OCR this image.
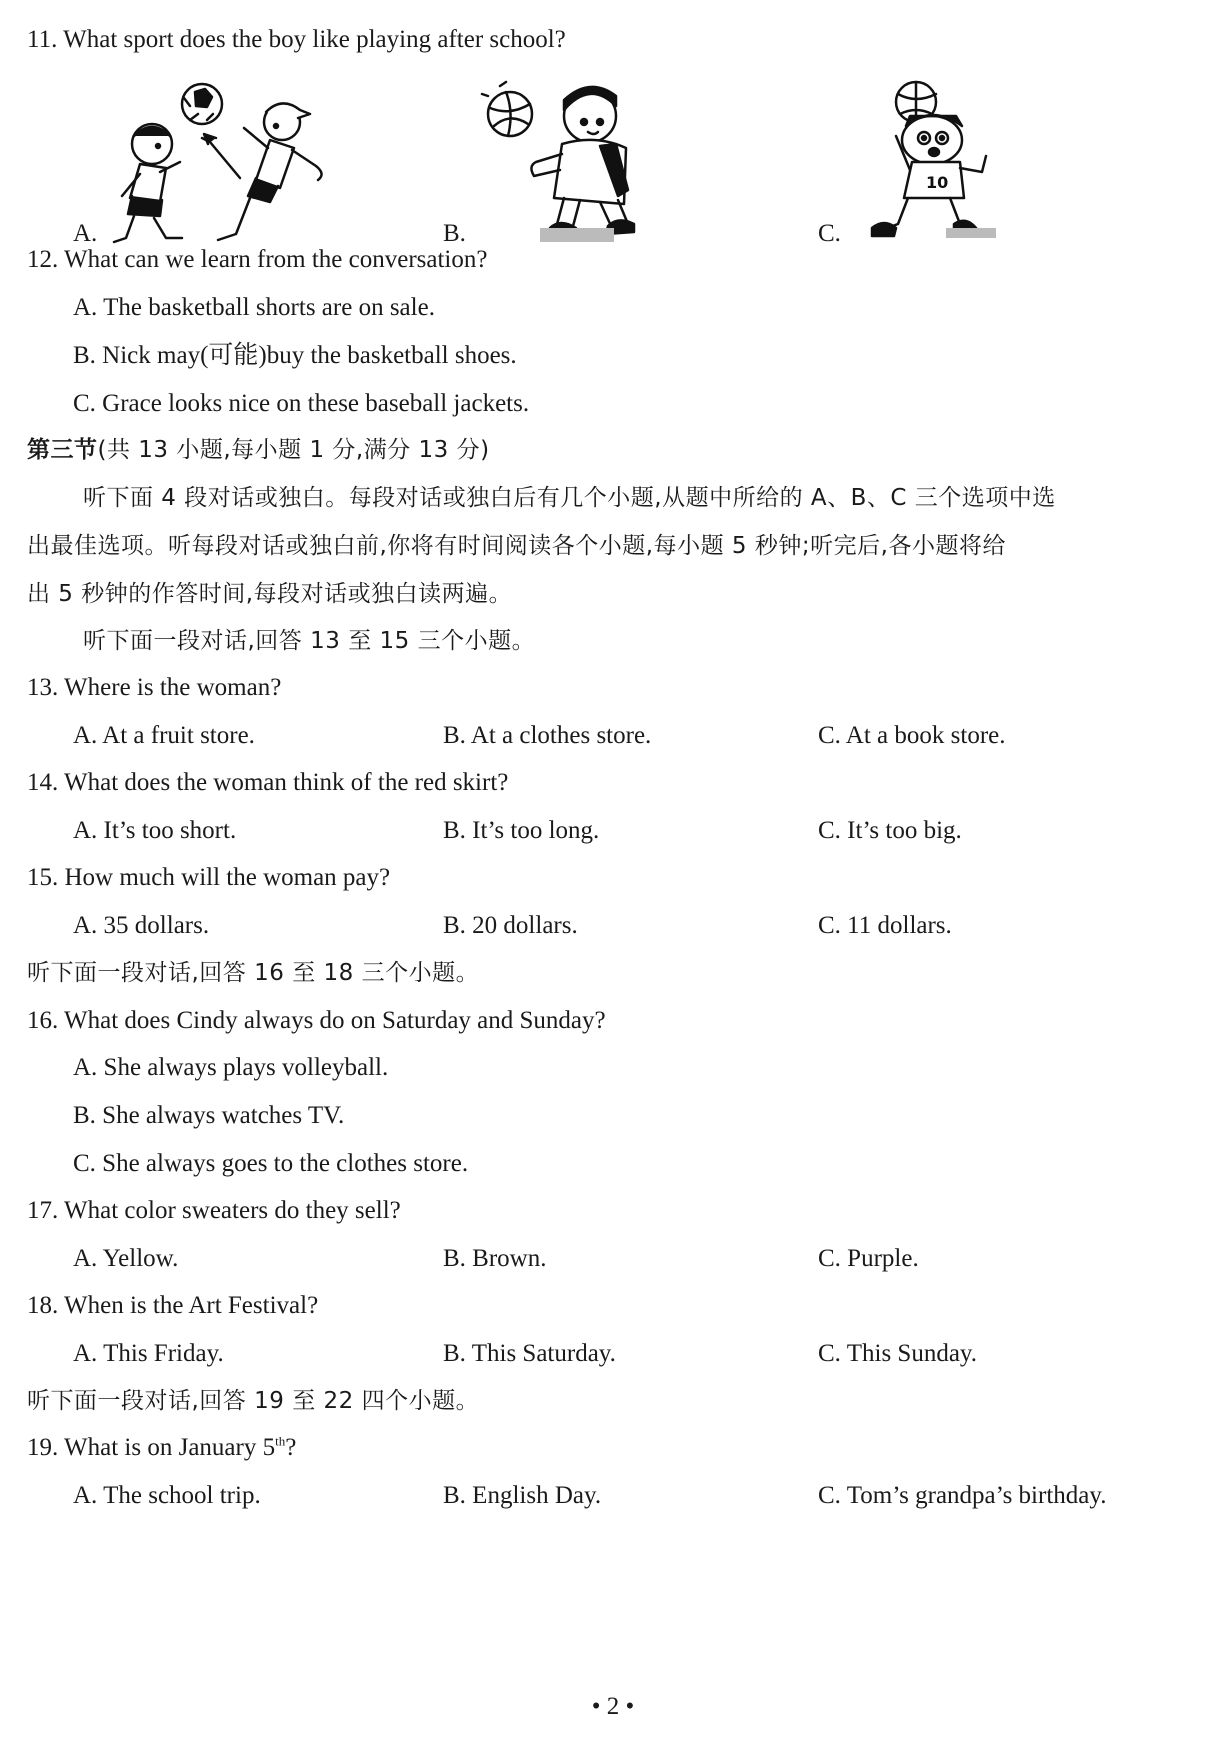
11. What sport does the boy like playing after school?
A.	B.	C.
10
12. What can we learn from the conversation?
A. The basketball shorts are on sale.
B. Nick may(可能)buy the basketball shoes.
C. Grace looks nice on these baseball jackets.
第三节(共 13 小题,每小题 1 分,满分 13 分)
听下面 4 段对话或独白。每段对话或独白后有几个小题,从题中所给的 A、B、C 三个选项中选
出最佳选项。听每段对话或独白前,你将有时间阅读各个小题,每小题 5 秒钟;听完后,各小题将给
出 5 秒钟的作答时间,每段对话或独白读两遍。
听下面一段对话,回答 13 至 15 三个小题。
13. Where is the woman?
A. At a fruit store.	B. At a clothes store.	C. At a book store.
14. What does the woman think of the red skirt?
A. It’s too short.	B. It’s too long.	C. It’s too big.
15. How much will the woman pay?
A. 35 dollars.	B. 20 dollars.	C. 11 dollars.
听下面一段对话,回答 16 至 18 三个小题。
16. What does Cindy always do on Saturday and Sunday?
A. She always plays volleyball.
B. She always watches TV.
C. She always goes to the clothes store.
17. What color sweaters do they sell?
A. Yellow.	B. Brown.	C. Purple.
18. When is the Art Festival?
A. This Friday.	B. This Saturday.	C. This Sunday.
听下面一段对话,回答 19 至 22 四个小题。
19. What is on January 5th?
A. The school trip.	B. English Day.	C. Tom’s grandpa’s birthday.
• 2 •
